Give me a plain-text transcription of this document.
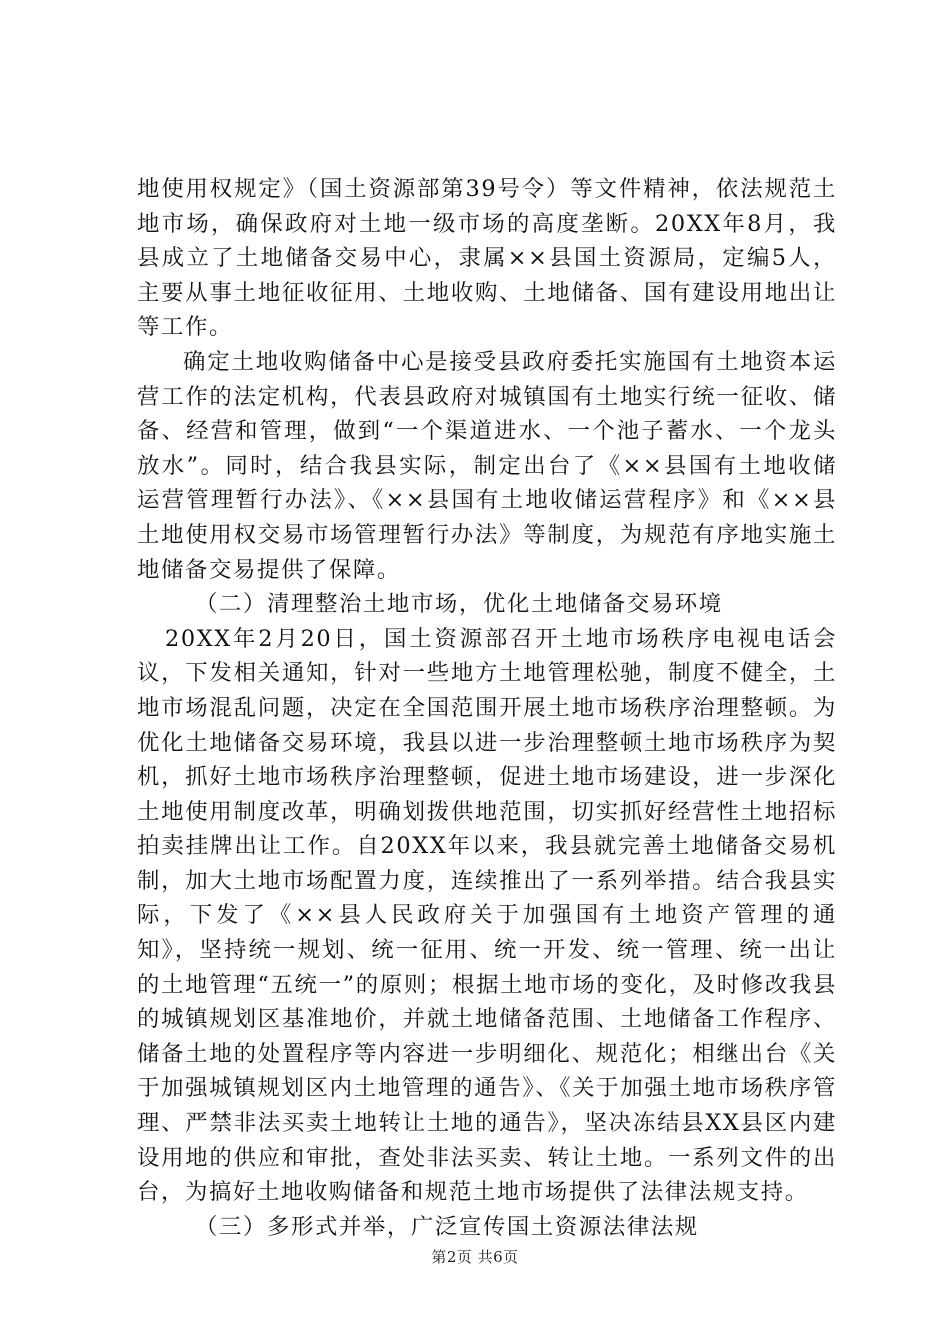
地使用权规定》（国土资源部第39号令）等文件精神，依法规范土地市场，确保政府对土地一级市场的高度垄断。20XX年8月，我县成立了土地储备交易中心，隶属××县国土资源局，定编5人，主要从事土地征收征用、土地收购、土地储备、国有建设用地出让等工作。

确定土地收购储备中心是接受县政府委托实施国有土地资本运营工作的法定机构，代表县政府对城镇国有土地实行统一征收、储备、经营和管理，做到“一个渠道进水、一个池子蓄水、一个龙头放水”。同时，结合我县实际，制定出台了《××县国有土地收储运营管理暂行办法》、《××县国有土地收储运营程序》和《××县土地使用权交易市场管理暂行办法》等制度，为规范有序地实施土地储备交易提供了保障。

（二）清理整治土地市场，优化土地储备交易环境

20XX年2月20日，国土资源部召开土地市场秩序电视电话会议，下发相关通知，针对一些地方土地管理松驰，制度不健全，土地市场混乱问题，决定在全国范围开展土地市场秩序治理整顿。为优化土地储备交易环境，我县以进一步治理整顿土地市场秩序为契机，抓好土地市场秩序治理整顿，促进土地市场建设，进一步深化土地使用制度改革，明确划拨供地范围，切实抓好经营性土地招标拍卖挂牌出让工作。自20XX年以来，我县就完善土地储备交易机制，加大土地市场配置力度，连续推出了一系列举措。结合我县实际，下发了《××县人民政府关于加强国有土地资产管理的通知》，坚持统一规划、统一征用、统一开发、统一管理、统一出让的土地管理“五统一”的原则；根据土地市场的变化，及时修改我县的城镇规划区基准地价，并就土地储备范围、土地储备工作程序、储备土地的处置程序等内容进一步明细化、规范化；相继出台《关于加强城镇规划区内土地管理的通告》、《关于加强土地市场秩序管理、严禁非法买卖土地转让土地的通告》，坚决冻结县XX县区内建设用地的供应和审批，查处非法买卖、转让土地。一系列文件的出台，为搞好土地收购储备和规范土地市场提供了法律法规支持。

（三）多形式并举，广泛宣传国土资源法律法规

第2页 共6页
